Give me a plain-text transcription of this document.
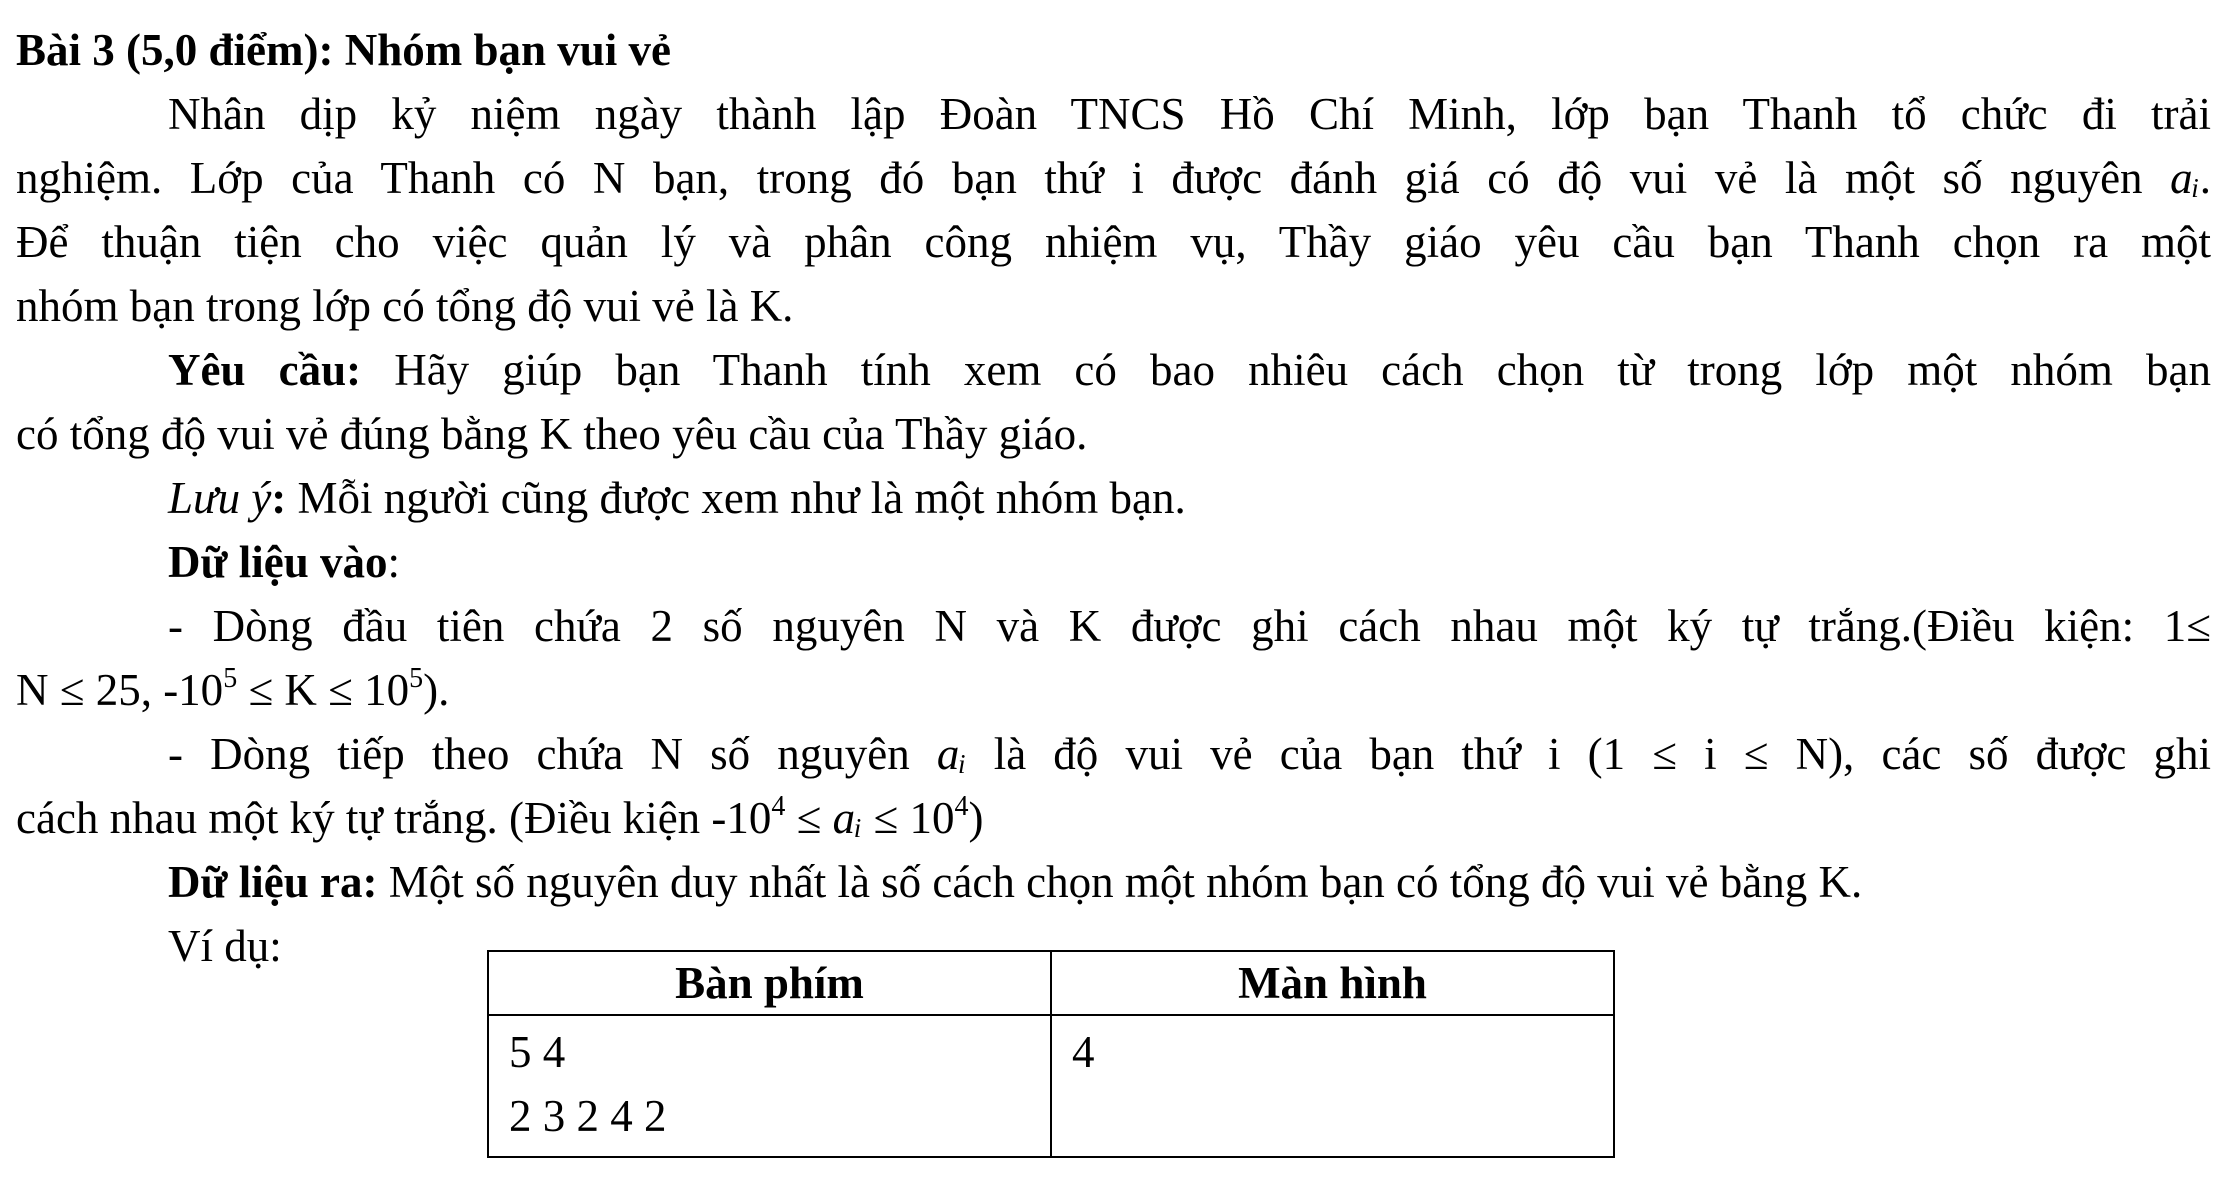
Bài 3 (5,0 điểm): Nhóm bạn vui vẻ
Nhân dịp kỷ niệm ngày thành lập Đoàn TNCS Hồ Chí Minh, lớp bạn Thanh tổ chức đi trải
nghiệm. Lớp của Thanh có N bạn, trong đó bạn thứ i được đánh giá có độ vui vẻ là một số nguyên aᵢ.
Để thuận tiện cho việc quản lý và phân công nhiệm vụ, Thầy giáo yêu cầu bạn Thanh chọn ra một
nhóm bạn trong lớp có tổng độ vui vẻ là K.
Yêu cầu: Hãy giúp bạn Thanh tính xem có bao nhiêu cách chọn từ trong lớp một nhóm bạn
có tổng độ vui vẻ đúng bằng K theo yêu cầu của Thầy giáo.
Lưu ý: Mỗi người cũng được xem như là một nhóm bạn.
Dữ liệu vào:
- Dòng đầu tiên chứa 2 số nguyên N và K được ghi cách nhau một ký tự trắng.(Điều kiện: 1≤
N ≤ 25, $-10^5 \le K \le 10^5$).
- Dòng tiếp theo chứa N số nguyên aᵢ là độ vui vẻ của bạn thứ i (1 ≤ i ≤ N), các số được ghi
cách nhau một ký tự trắng. (Điều kiện $-10^4$ ≤ aᵢ ≤ $10^4$)
Dữ liệu ra: Một số nguyên duy nhất là số cách chọn một nhóm bạn có tổng độ vui vẻ bằng K.
Ví dụ:
Bàn phím	Màn hình

5 4
2 3 2 4 2	4
